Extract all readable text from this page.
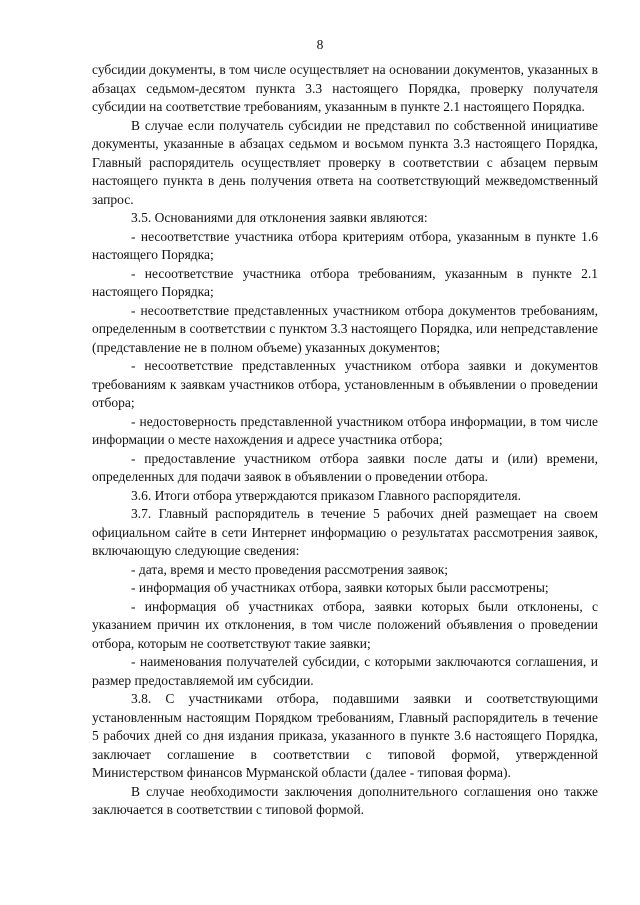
8

субсидии документы, в том числе осуществляет на основании документов, указанных в абзацах седьмом-десятом пункта 3.3 настоящего Порядка, проверку получателя субсидии на соответствие требованиям, указанным в пункте 2.1 настоящего Порядка.

В случае если получатель субсидии не представил по собственной инициативе документы, указанные в абзацах седьмом и восьмом пункта 3.3 настоящего Порядка, Главный распорядитель осуществляет проверку в соответствии с абзацем первым настоящего пункта в день получения ответа на соответствующий межведомственный запрос.

3.5. Основаниями для отклонения заявки являются:

- несоответствие участника отбора критериям отбора, указанным в пункте 1.6 настоящего Порядка;

- несоответствие участника отбора требованиям, указанным в пункте 2.1 настоящего Порядка;

- несоответствие представленных участником отбора документов требованиям, определенным в соответствии с пунктом 3.3 настоящего Порядка, или непредставление (представление не в полном объеме) указанных документов;

- несоответствие представленных участником отбора заявки и документов требованиям к заявкам участников отбора, установленным в объявлении о проведении отбора;

- недостоверность представленной участником отбора информации, в том числе информации о месте нахождения и адресе участника отбора;

- предоставление участником отбора заявки после даты и (или) времени, определенных для подачи заявок в объявлении о проведении отбора.

3.6. Итоги отбора утверждаются приказом Главного распорядителя.

3.7. Главный распорядитель в течение 5 рабочих дней размещает на своем официальном сайте в сети Интернет информацию о результатах рассмотрения заявок, включающую следующие сведения:

- дата, время и место проведения рассмотрения заявок;

- информация об участниках отбора, заявки которых были рассмотрены;

- информация об участниках отбора, заявки которых были отклонены, с указанием причин их отклонения, в том числе положений объявления о проведении отбора, которым не соответствуют такие заявки;

- наименования получателей субсидии, с которыми заключаются соглашения, и размер предоставляемой им субсидии.

3.8. С участниками отбора, подавшими заявки и соответствующими установленным настоящим Порядком требованиям, Главный распорядитель в течение 5 рабочих дней со дня издания приказа, указанного в пункте 3.6 настоящего Порядка, заключает соглашение в соответствии с типовой формой, утвержденной Министерством финансов Мурманской области (далее - типовая форма).

В случае необходимости заключения дополнительного соглашения оно также заключается в соответствии с типовой формой.
